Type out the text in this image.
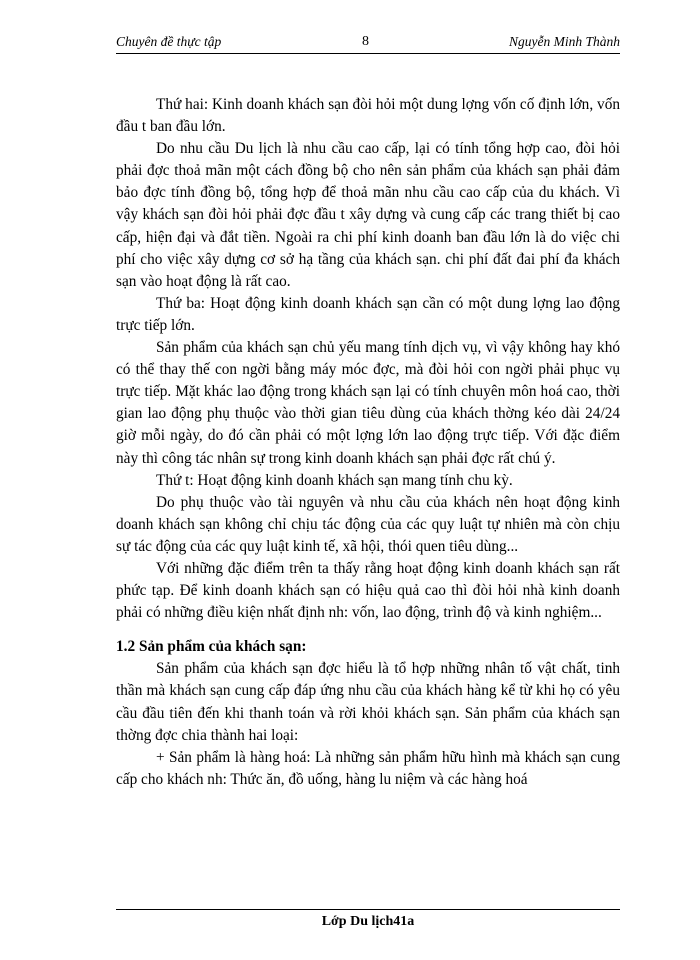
Chuyên đề thực tập	8	Nguyễn Minh Thành

Thứ hai: Kinh doanh khách sạn đòi hỏi một dung lợng vốn cố định lớn, vốn đầu t ban đầu lớn.

Do nhu cầu Du lịch là nhu cầu cao cấp, lại có tính tổng hợp cao, đòi hỏi phải đợc thoả mãn một cách đồng bộ cho nên sản phẩm của khách sạn phải đảm bảo đợc tính đồng bộ, tổng hợp để thoả mãn nhu cầu cao cấp của du khách. Vì vậy khách sạn đòi hỏi phải đợc đầu t xây dựng và cung cấp các trang thiết bị cao cấp, hiện đại và đắt tiền. Ngoài ra chi phí kinh doanh ban đầu lớn là do việc chi phí cho việc xây dựng cơ sở hạ tầng của khách sạn. chi phí đất đai phí đa khách sạn vào hoạt động là rất cao.

Thứ ba: Hoạt động kinh doanh khách sạn cần có một dung lợng lao động trực tiếp lớn.

Sản phẩm của khách sạn chủ yếu mang tính dịch vụ, vì vậy không hay khó có thể thay thế con ngời bằng máy móc đợc, mà đòi hỏi con ngời phải phục vụ trực tiếp. Mặt khác lao động trong khách sạn lại có tính chuyên môn hoá cao, thời gian lao động phụ thuộc vào thời gian tiêu dùng của khách thờng kéo dài 24/24 giờ mỗi ngày, do đó cần phải có một lợng lớn lao động trực tiếp. Với đặc điểm này thì công tác nhân sự trong kinh doanh khách sạn phải đợc rất chú ý.

Thứ t: Hoạt động kinh doanh khách sạn mang tính chu kỳ.

Do phụ thuộc vào tài nguyên và nhu cầu của khách nên hoạt động kinh doanh khách sạn không chỉ chịu tác động của các quy luật tự nhiên mà còn chịu sự tác động của các quy luật kinh tế, xã hội, thói quen tiêu dùng...

Với những đặc điểm trên ta thấy rằng hoạt động kinh doanh khách sạn rất phức tạp. Để kinh doanh khách sạn có hiệu quả cao thì đòi hỏi nhà kinh doanh phải có những điều kiện nhất định nh: vốn, lao động, trình độ và kinh nghiệm...

1.2 Sản phẩm của khách sạn:

Sản phẩm của khách sạn đợc hiểu là tổ hợp những nhân tố vật chất, tinh thần mà khách sạn cung cấp đáp ứng nhu cầu của khách hàng kể từ khi họ có yêu cầu đầu tiên đến khi thanh toán và rời khỏi khách sạn. Sản phẩm của khách sạn thờng đợc chia thành hai loại:

+ Sản phẩm là hàng hoá: Là những sản phẩm hữu hình mà khách sạn cung cấp cho khách nh: Thức ăn, đồ uống, hàng lu niệm và các hàng hoá

Lớp Du lịch41a
